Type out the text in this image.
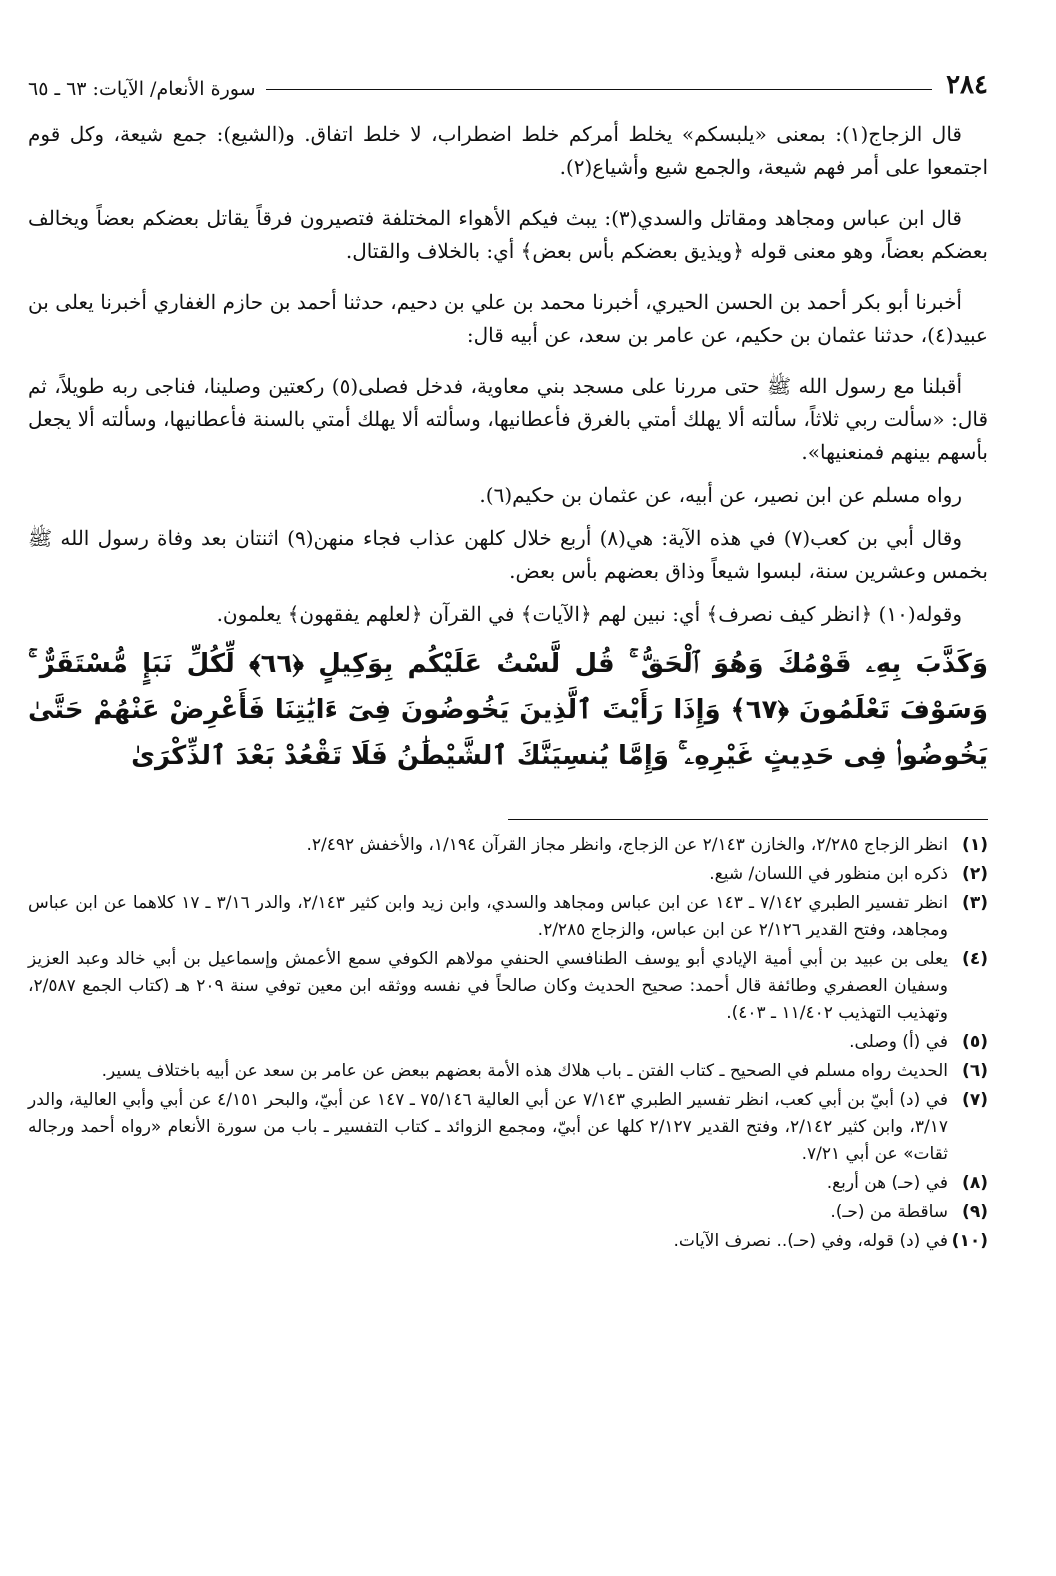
٢٨٤
سورة الأنعام/ الآيات: ٦٣ ـ ٦٥

قال الزجاج(١): بمعنى «يلبسكم» يخلط أمركم خلط اضطراب، لا خلط اتفاق. و(الشيع): جمع شيعة، وكل قوم اجتمعوا على أمر فهم شيعة، والجمع شيع وأشياع(٢).

قال ابن عباس ومجاهد ومقاتل والسدي(٣): يبث فيكم الأهواء المختلفة فتصيرون فرقاً يقاتل بعضكم بعضاً ويخالف بعضكم بعضاً، وهو معنى قوله ﴿ويذيق بعضكم بأس بعض﴾ أي: بالخلاف والقتال.

أخبرنا أبو بكر أحمد بن الحسن الحيري، أخبرنا محمد بن علي بن دحيم، حدثنا أحمد بن حازم الغفاري أخبرنا يعلى بن عبيد(٤)، حدثنا عثمان بن حكيم، عن عامر بن سعد، عن أبيه قال:

أقبلنا مع رسول الله ﷺ حتى مررنا على مسجد بني معاوية، فدخل فصلى(٥) ركعتين وصلينا، فناجى ربه طويلاً، ثم قال: «سألت ربي ثلاثاً، سألته ألا يهلك أمتي بالغرق فأعطانيها، وسألته ألا يهلك أمتي بالسنة فأعطانيها، وسألته ألا يجعل بأسهم بينهم فمنعنيها».

رواه مسلم عن ابن نصير، عن أبيه، عن عثمان بن حكيم(٦).

وقال أبي بن كعب(٧) في هذه الآية: هي(٨) أربع خلال كلهن عذاب فجاء منهن(٩) اثنتان بعد وفاة رسول الله ﷺ بخمس وعشرين سنة، لبسوا شيعاً وذاق بعضهم بأس بعض.

وقوله(١٠) ﴿انظر كيف نصرف﴾ أي: نبين لهم ﴿الآيات﴾ في القرآن ﴿لعلهم يفقهون﴾ يعلمون.

وَكَذَّبَ بِهِۦ قَوْمُكَ وَهُوَ ٱلْحَقُّ ۚ قُل لَّسْتُ عَلَيْكُم بِوَكِيلٍ ﴿٦٦﴾ لِّكُلِّ نَبَإٍ مُّسْتَقَرٌّ ۚ وَسَوْفَ تَعْلَمُونَ ﴿٦٧﴾ وَإِذَا رَأَيْتَ ٱلَّذِينَ يَخُوضُونَ فِىٓ ءَايَٰتِنَا فَأَعْرِضْ عَنْهُمْ حَتَّىٰ يَخُوضُوا۟ فِى حَدِيثٍ غَيْرِهِۦ ۚ وَإِمَّا يُنسِيَنَّكَ ٱلشَّيْطَٰنُ فَلَا تَقْعُدْ بَعْدَ ٱلذِّكْرَىٰ
(١)
انظر الزجاج ٢/٢٨٥، والخازن ٢/١٤٣ عن الزجاج، وانظر مجاز القرآن ١/١٩٤، والأخفش ٢/٤٩٢.
(٢)
ذكره ابن منظور في اللسان/ شيع.
(٣)
انظر تفسير الطبري ٧/١٤٢ ـ ١٤٣ عن ابن عباس ومجاهد والسدي، وابن زيد وابن كثير ٢/١٤٣، والدر ٣/١٦ ـ ١٧ كلاهما عن ابن عباس ومجاهد، وفتح القدير ٢/١٢٦ عن ابن عباس، والزجاج ٢/٢٨٥.
(٤)
يعلى بن عبيد بن أبي أمية الإيادي أبو يوسف الطنافسي الحنفي مولاهم الكوفي سمع الأعمش وإسماعيل بن أبي خالد وعبد العزيز وسفيان العصفري وطائفة قال أحمد: صحيح الحديث وكان صالحاً في نفسه ووثقه ابن معين توفي سنة ٢٠٩ هـ (كتاب الجمع ٢/٥٨٧، وتهذيب التهذيب ١١/٤٠٢ ـ ٤٠٣).
(٥)
في (أ) وصلى.
(٦)
الحديث رواه مسلم في الصحيح ـ كتاب الفتن ـ باب هلاك هذه الأمة بعضهم ببعض عن عامر بن سعد عن أبيه باختلاف يسير.
(٧)
في (د) أبيّ بن أبي كعب، انظر تفسير الطبري ٧/١٤٣ عن أبي العالية ٧٥/١٤٦ ـ ١٤٧ عن أبيّ، والبحر ٤/١٥١ عن أبي وأبي العالية، والدر ٣/١٧، وابن كثير ٢/١٤٢، وفتح القدير ٢/١٢٧ كلها عن أبيّ، ومجمع الزوائد ـ كتاب التفسير ـ باب من سورة الأنعام «رواه أحمد ورجاله ثقات» عن أبي ٧/٢١.
(٨)
في (حـ) هن أربع.
(٩)
ساقطة من (حـ).
(١٠)
في (د) قوله، وفي (حـ).. نصرف الآيات.
